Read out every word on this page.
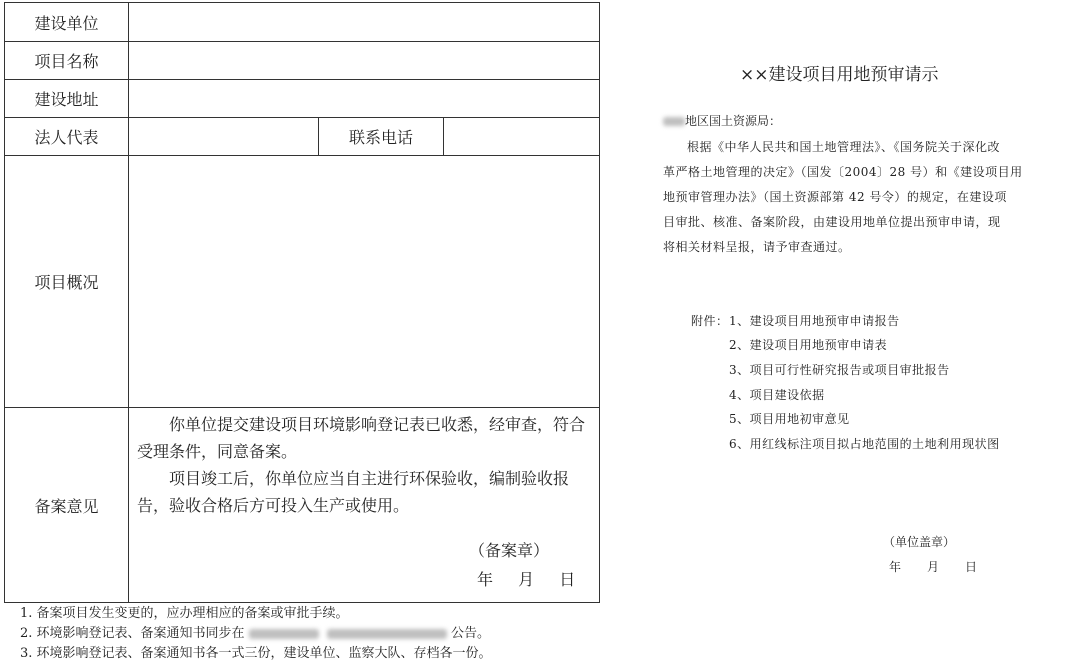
建设单位			
项目名称			
建设地址			
法人代表		联系电话	
项目概况			
备案意见	你单位提交建设项目环境影响登记表已收悉，经审查，符合受理条件，同意备案。

项目竣工后，你单位应当自主进行环保验收，编制验收报告，验收合格后方可投入生产或使用。

（备案章）
年 月 日		
1. 备案项目发生变更的，应办理相应的备案或审批手续。
2. 环境影响登记表、备案通知书同步在	公告。
3. 环境影响登记表、备案通知书各一式三份，建设单位、监察大队、存档各一份。
××建设项目用地预审请示
地区国土资源局：
根据《中华人民共和国土地管理法》、《国务院关于深化改
革严格土地管理的决定》（国发〔2004〕28 号）和《建设项目用
地预审管理办法》（国土资源部第 42 号令）的规定，在建设项
目审批、核准、备案阶段，由建设用地单位提出预审申请，现
将相关材料呈报，请予审查通过。
附件： 1、建设项目用地预审申请报告
2、建设项目用地预审申请表
3、项目可行性研究报告或项目审批报告
4、项目建设依据
5、项目用地初审意见
6、用红线标注项目拟占地范围的土地利用现状图
（单位盖章）
年 月 日
